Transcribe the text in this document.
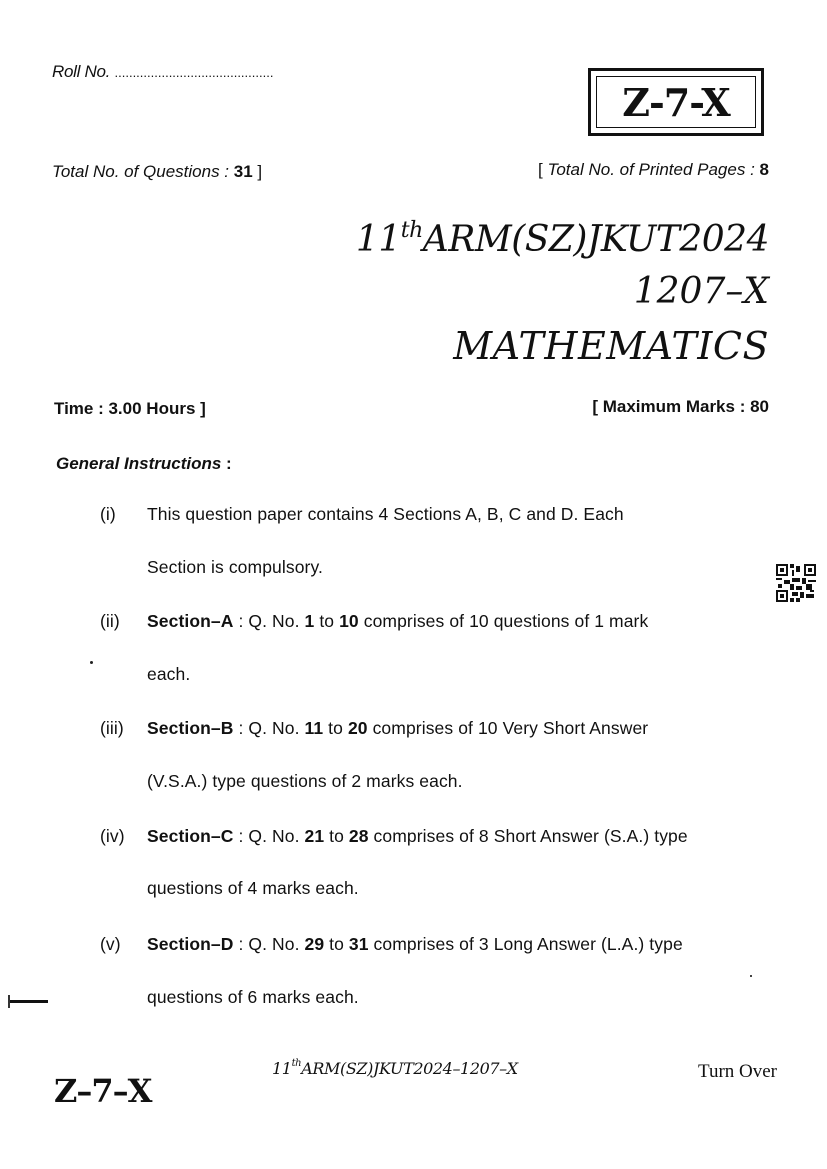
Roll No. ............................................
Z-7-X
Total No. of Questions : 31 ]	[ Total No. of Printed Pages : 8
11thARM(SZ)JKUT2024
1207–X
MATHEMATICS
Time : 3.00 Hours ]	[ Maximum Marks : 80
General Instructions :
(i) This question paper contains 4 Sections A, B, C and D. Each
Section is compulsory.
(ii) Section–A : Q. No. 1 to 10 comprises of 10 questions of 1 mark
each.
(iii) Section–B : Q. No. 11 to 20 comprises of 10 Very Short Answer
(V.S.A.) type questions of 2 marks each.
(iv) Section–C : Q. No. 21 to 28 comprises of 8 Short Answer (S.A.) type
questions of 4 marks each.
(v) Section–D : Q. No. 29 to 31 comprises of 3 Long Answer (L.A.) type
questions of 6 marks each.
11thARM(SZ)JKUT2024–1207–X	Turn Over
Z–7–X
